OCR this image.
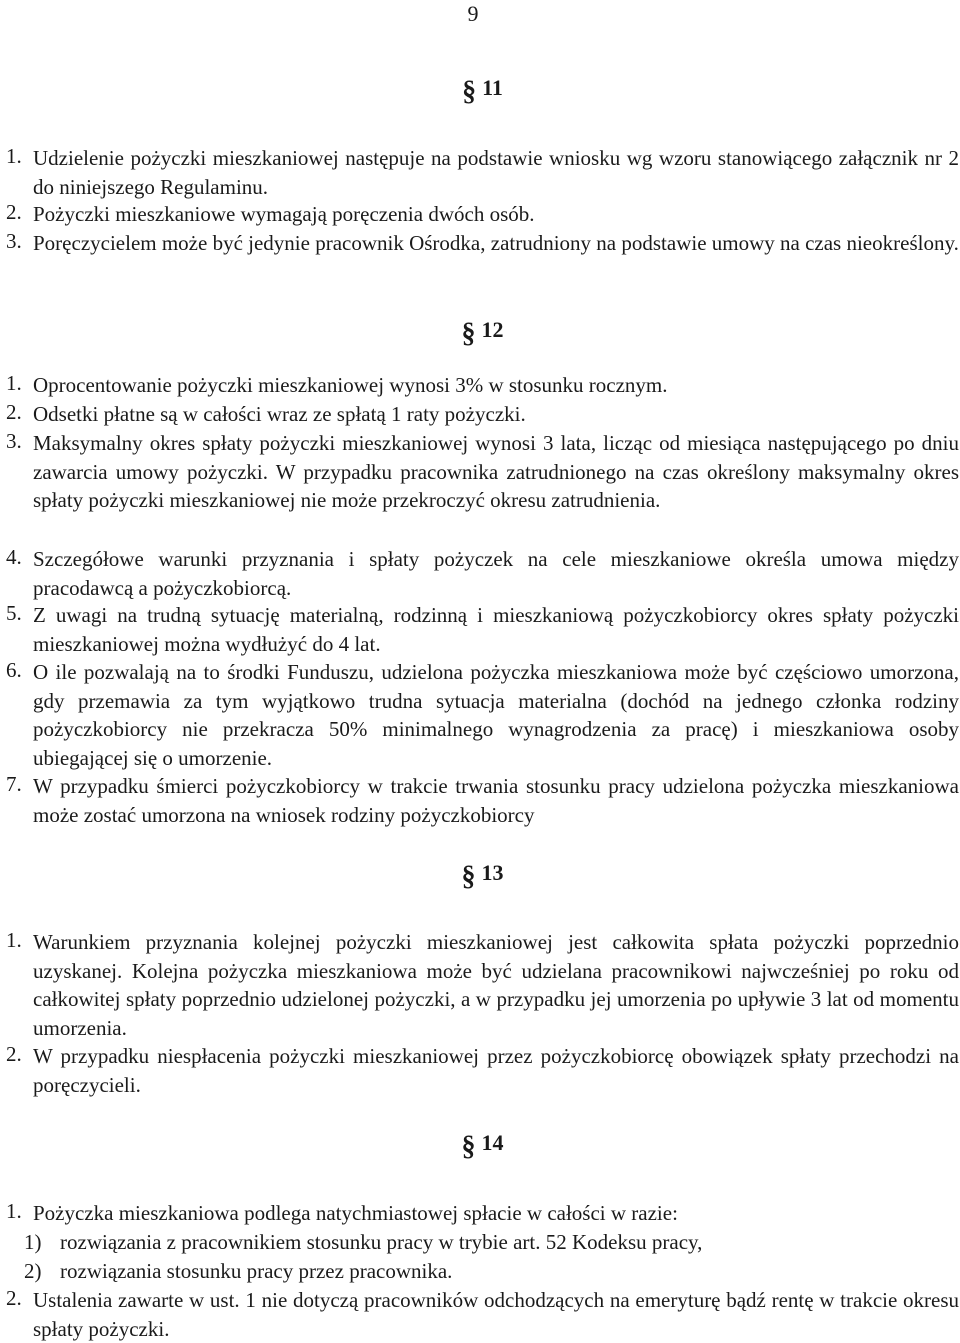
9
§ 11
1. Udzielenie pożyczki mieszkaniowej następuje na podstawie wniosku wg wzoru stanowiącego załącznik nr 2 do niniejszego Regulaminu.
2. Pożyczki mieszkaniowe wymagają poręczenia dwóch osób.
3. Poręczycielem może być jedynie pracownik Ośrodka, zatrudniony na podstawie umowy na czas nieokreślony.
§ 12
1. Oprocentowanie pożyczki mieszkaniowej wynosi 3% w stosunku rocznym.
2. Odsetki płatne są w całości wraz ze spłatą 1 raty pożyczki.
3. Maksymalny okres spłaty pożyczki mieszkaniowej wynosi 3 lata, licząc od miesiąca następującego po dniu zawarcia umowy pożyczki. W przypadku pracownika zatrudnionego na czas określony maksymalny okres spłaty pożyczki mieszkaniowej nie może przekroczyć okresu zatrudnienia.
4. Szczegółowe warunki przyznania i spłaty pożyczek na cele mieszkaniowe określa umowa między pracodawcą a pożyczkobiorcą.
5. Z uwagi na trudną sytuację materialną, rodzinną i mieszkaniową pożyczkobiorcy okres spłaty pożyczki mieszkaniowej można wydłużyć do 4 lat.
6. O ile pozwalają na to środki Funduszu, udzielona pożyczka mieszkaniowa może być częściowo umorzona, gdy przemawia za tym wyjątkowo trudna sytuacja materialna (dochód na jednego członka rodziny pożyczkobiorcy nie przekracza 50% minimalnego wynagrodzenia za pracę) i mieszkaniowa osoby ubiegającej się o umorzenie.
7. W przypadku śmierci pożyczkobiorcy w trakcie trwania stosunku pracy udzielona pożyczka mieszkaniowa może zostać umorzona na wniosek rodziny pożyczkobiorcy
§ 13
1. Warunkiem przyznania kolejnej pożyczki mieszkaniowej jest całkowita spłata pożyczki poprzednio uzyskanej. Kolejna pożyczka mieszkaniowa może być udzielana pracownikowi najwcześniej po roku od całkowitej spłaty poprzednio udzielonej pożyczki, a w przypadku jej umorzenia po upływie 3 lat od momentu umorzenia.
2. W przypadku niespłacenia pożyczki mieszkaniowej przez pożyczkobiorcę obowiązek spłaty przechodzi na poręczycieli.
§ 14
1. Pożyczka mieszkaniowa podlega natychmiastowej spłacie w całości w razie:
1) rozwiązania z pracownikiem stosunku pracy w trybie art. 52 Kodeksu pracy,
2) rozwiązania stosunku pracy przez pracownika.
2. Ustalenia zawarte w ust. 1 nie dotyczą pracowników odchodzących na emeryturę bądź rentę w trakcie okresu spłaty pożyczki.
